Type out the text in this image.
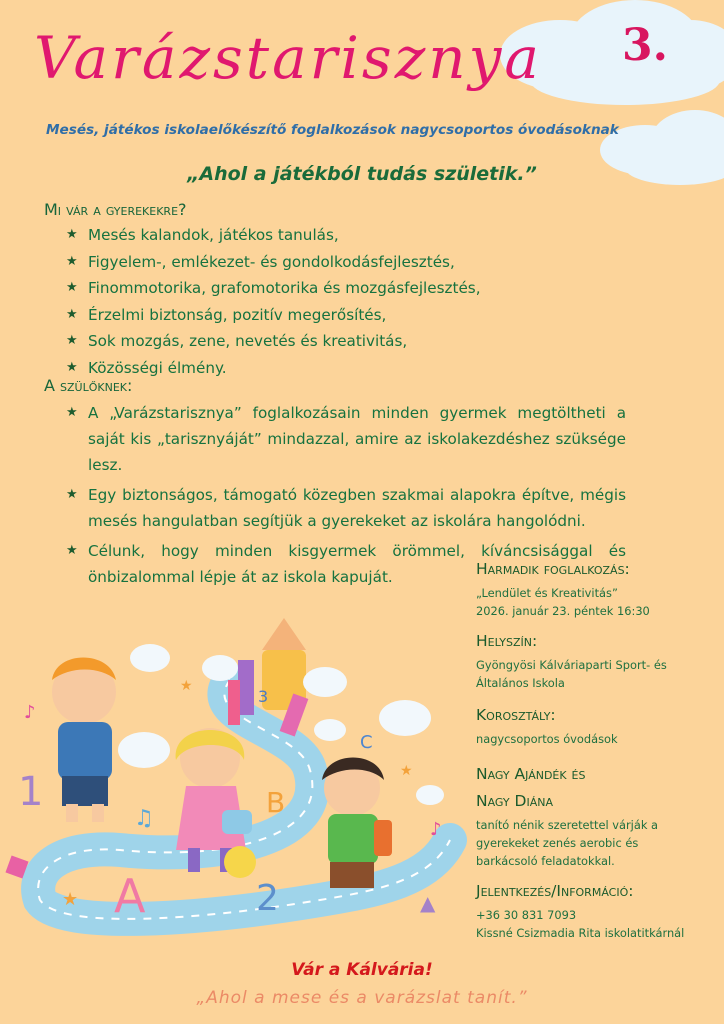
Varázstarisznya 3.
Mesés, játékos iskolaelőkészítő foglalkozások nagycsoportos óvodásoknak
„Ahol a játékból tudás születik.”
Mi vár a gyerekekre?
★ Mesés kalandok, játékos tanulás,
★ Figyelem-, emlékezet- és gondolkodásfejlesztés,
★ Finommotorika, grafomotorika és mozgásfejlesztés,
★ Érzelmi biztonság, pozitív megerősítés,
★ Sok mozgás, zene, nevetés és kreativitás,
★ Közösségi élmény.
A szülőknek:
★ A „Varázstarisznya” foglalkozásain minden gyermek megtöltheti a saját kis „tarisznyáját” mindazzal, amire az iskolakezdéshez szüksége lesz.
★ Egy biztonságos, támogató közegben szakmai alapokra építve, mégis mesés hangulatban segítjük a gyerekeket az iskolára hangolódni.
★ Célunk, hogy minden kisgyermek örömmel, kíváncsisággal és önbizalommal lépje át az iskola kapuját.	Harmadik foglalkozás:
„Lendület és Kreativitás”
2026. január 23. péntek 16:30
Helyszín:
Gyöngyösi Kálváriaparti Sport- és
Általános Iskola
Korosztály:
nagycsoportos óvodások
Nagy Ajándék és
Nagy Diána
tanító nénik szeretettel várják a
gyerekeket zenés aerobic és
barkácsoló feladatokkal.
Jelentkezés/Információ:
+36 30 831 7093
Kissné Csizmadia Rita iskolatitkárnál
1
2
3
A
B
C
★
★
★
▲
♪
♫	♪
Vár a Kálvária!
„Ahol a mese és a varázslat tanít.”
